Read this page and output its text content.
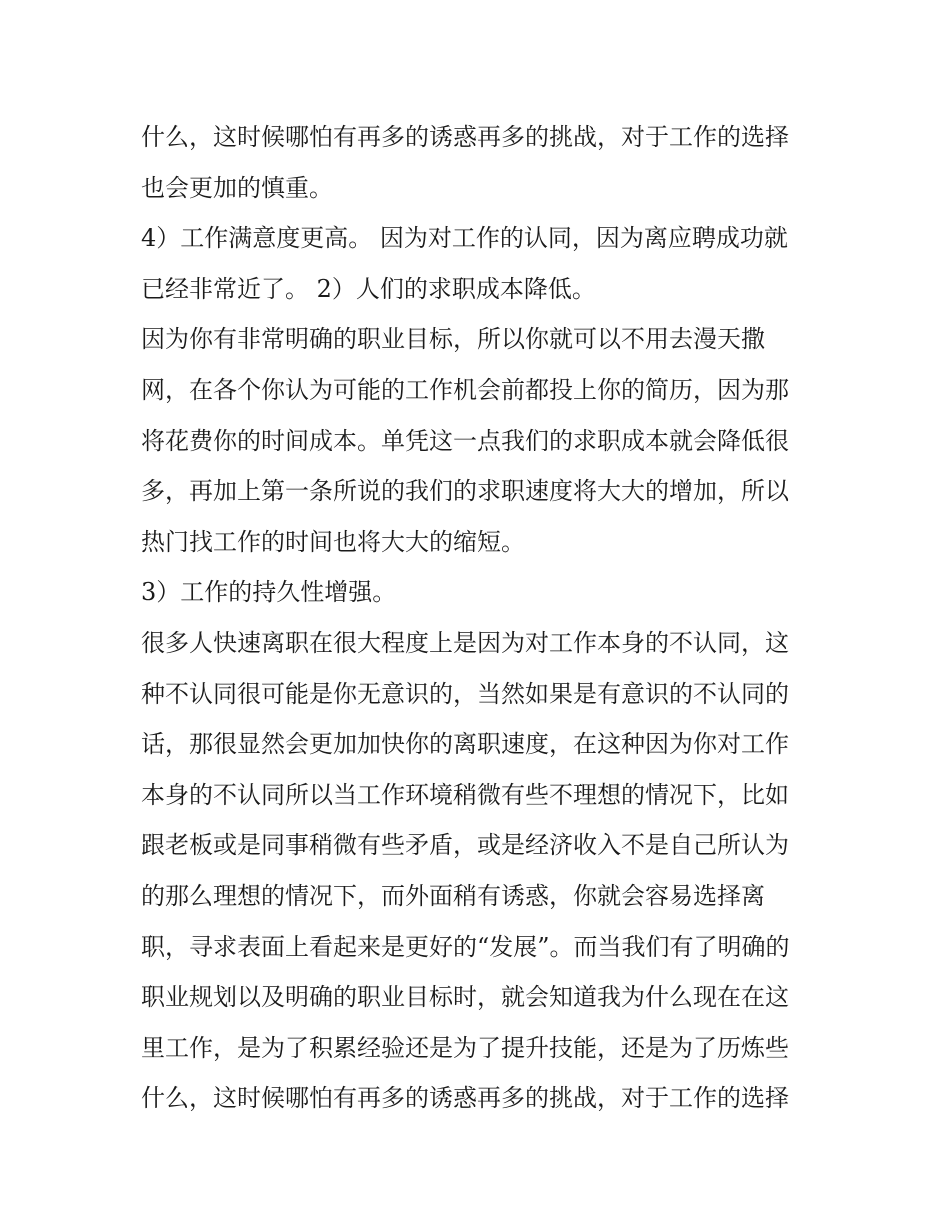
什么，这时候哪怕有再多的诱惑再多的挑战，对于工作的选择
也会更加的慎重。
4）工作满意度更高。 因为对工作的认同，因为离应聘成功就
已经非常近了。 2）人们的求职成本降低。
因为你有非常明确的职业目标，所以你就可以不用去漫天撒
网，在各个你认为可能的工作机会前都投上你的简历，因为那
将花费你的时间成本。单凭这一点我们的求职成本就会降低很
多，再加上第一条所说的我们的求职速度将大大的增加，所以
热门找工作的时间也将大大的缩短。
3）工作的持久性增强。
很多人快速离职在很大程度上是因为对工作本身的不认同，这
种不认同很可能是你无意识的，当然如果是有意识的不认同的
话，那很显然会更加加快你的离职速度，在这种因为你对工作
本身的不认同所以当工作环境稍微有些不理想的情况下，比如
跟老板或是同事稍微有些矛盾，或是经济收入不是自己所认为
的那么理想的情况下，而外面稍有诱惑，你就会容易选择离
职，寻求表面上看起来是更好的“发展”。而当我们有了明确的
职业规划以及明确的职业目标时，就会知道我为什么现在在这
里工作，是为了积累经验还是为了提升技能，还是为了历炼些
什么，这时候哪怕有再多的诱惑再多的挑战，对于工作的选择
